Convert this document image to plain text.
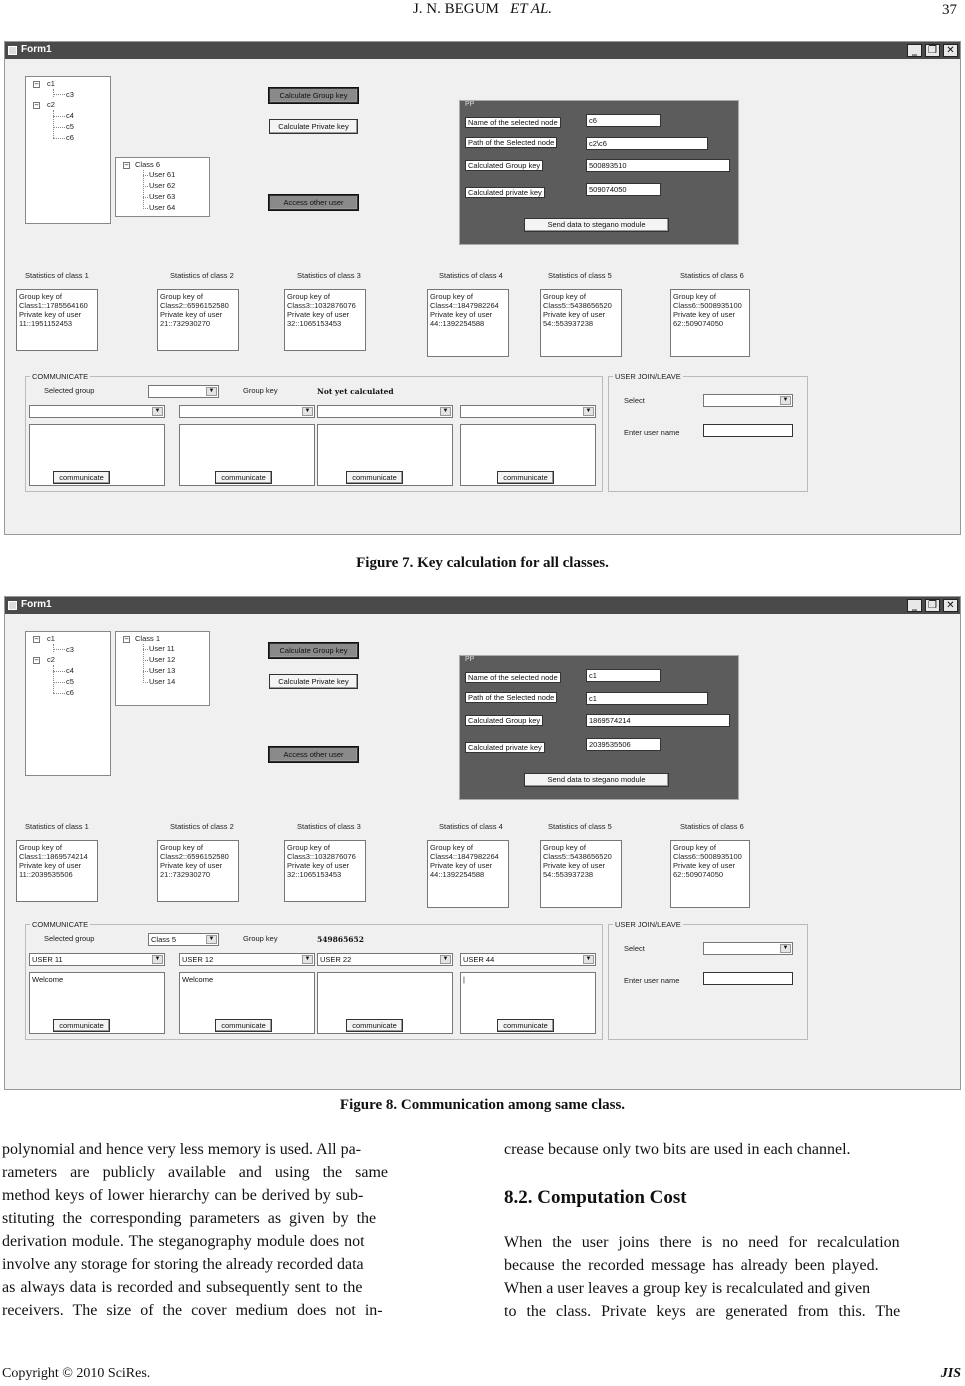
J. N. BEGUM ET AL.	37
Form1	_	❐ ✕
− c1
c3
− c2
c4
c5
c6
− Class 6
User 61
User 62
User 63
User 64
Calculate Group key
Calculate Private key
Access other user
PP
Name of the selected node	c6
Path of the Selected node	c2\c6
Calculated Group key	500893510
Calculated private key	509074050
Send data to stegano module
Statistics of class 1
Group key of
Class1::1785564160
Private key of user
11::1951152453
Statistics of class 2
Group key of
Class2::6596152580
Private key of user
21::732930270
Statistics of class 3
Group key of
Class3::1032876076
Private key of user
32::1065153453
Statistics of class 4
Group key of
Class4::1847982264
Private key of user
44::1392254588
Statistics of class 5
Group key of
Class5::5438656520
Private key of user
54::553937238
Statistics of class 6
Group key of
Class6::5008935100
Private key of user
62::509074050
COMMUNICATE
Selected group	▼	Group key	Not yet calculated
▼	▼	▼	▼
communicate	communicate	communicate	communicate
USER JOIN/LEAVE
Select	▼
Enter user name
Figure 7. Key calculation for all classes.
Form1	_	❐ ✕
− c1
c3
− c2
c4
c5
c6
− Class 1
User 11
User 12
User 13
User 14
Calculate Group key
Calculate Private key
Access other user
PP
Name of the selected node	c1
Path of the Selected node	c1
Calculated Group key	1869574214
Calculated private key	2039535506
Send data to stegano module
Statistics of class 1
Group key of
Class1::1869574214
Private key of user
11::2039535506
Statistics of class 2
Group key of
Class2::6596152580
Private key of user
21::732930270
Statistics of class 3
Group key of
Class3::1032876076
Private key of user
32::1065153453
Statistics of class 4
Group key of
Class4::1847982264
Private key of user
44::1392254588
Statistics of class 5
Group key of
Class5::5438656520
Private key of user
54::553937238
Statistics of class 6
Group key of
Class6::5008935100
Private key of user
62::509074050
COMMUNICATE
Selected group	Class 5	▼	Group key	549865652
USER 11	▼
Welcome
USER 12	▼
Welcome
USER 22	▼	USER 44	▼
|
communicate	communicate	communicate	communicate
USER JOIN/LEAVE
Select	▼
Enter user name
Figure 8. Communication among same class.
polynomial and hence very less memory is used. All pa-
rameters are publicly available and using the same
method keys of lower hierarchy can be derived by sub-
stituting the corresponding parameters as given by the
derivation module. The steganography module does not
involve any storage for storing the already recorded data
as always data is recorded and subsequently sent to the
receivers. The size of the cover medium does not in-
crease because only two bits are used in each channel.
8.2. Computation Cost
When the user joins there is no need for recalculation
because the recorded message has already been played.
When a user leaves a group key is recalculated and given
to the class. Private keys are generated from this. The
Copyright © 2010 SciRes.	JIS
